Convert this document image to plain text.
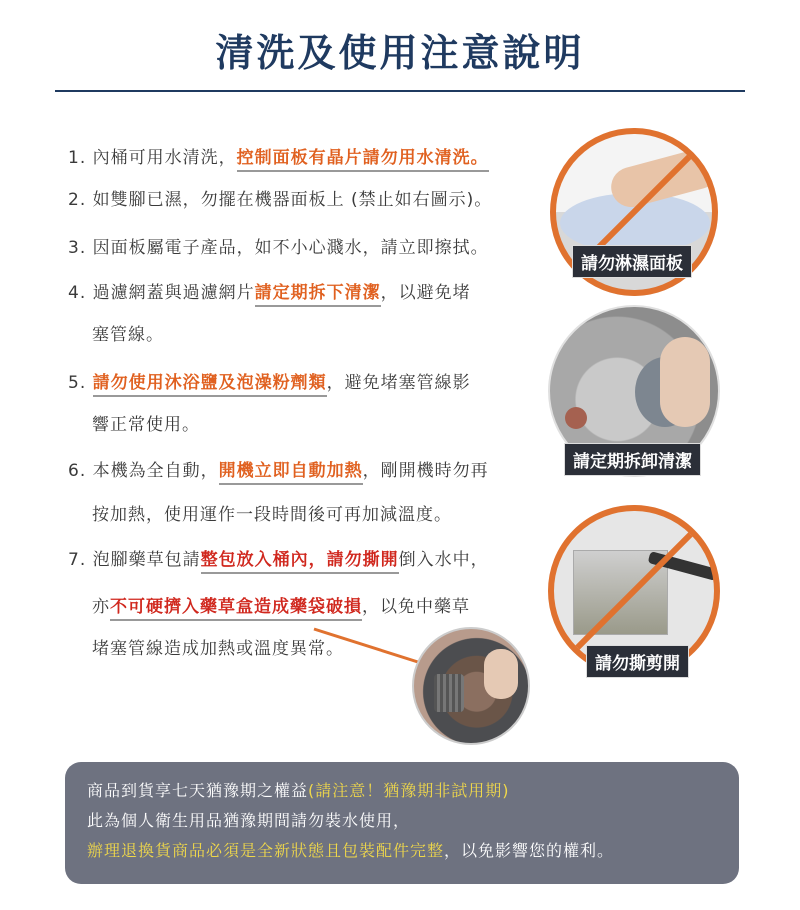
清洗及使用注意說明
1. 內桶可用水清洗，控制面板有晶片請勿用水清洗。
2. 如雙腳已濕，勿擺在機器面板上 (禁止如右圖示)。
3. 因面板屬電子產品，如不小心濺水，請立即擦拭。
4. 過濾網蓋與過濾網片請定期拆下清潔，以避免堵
塞管線。
5. 請勿使用沐浴鹽及泡澡粉劑類，避免堵塞管線影
響正常使用。
6. 本機為全自動，開機立即自動加熱，剛開機時勿再
按加熱，使用運作一段時間後可再加減溫度。
7. 泡腳藥草包請整包放入桶內，請勿撕開倒入水中，
亦不可硬擠入藥草盒造成藥袋破損，以免中藥草
堵塞管線造成加熱或溫度異常。
請勿淋濕面板
請定期拆卸清潔
請勿撕剪開
商品到貨享七天猶豫期之權益(請注意！猶豫期非試用期)
此為個人衛生用品猶豫期間請勿裝水使用，
辦理退換貨商品必須是全新狀態且包裝配件完整，以免影響您的權利。
